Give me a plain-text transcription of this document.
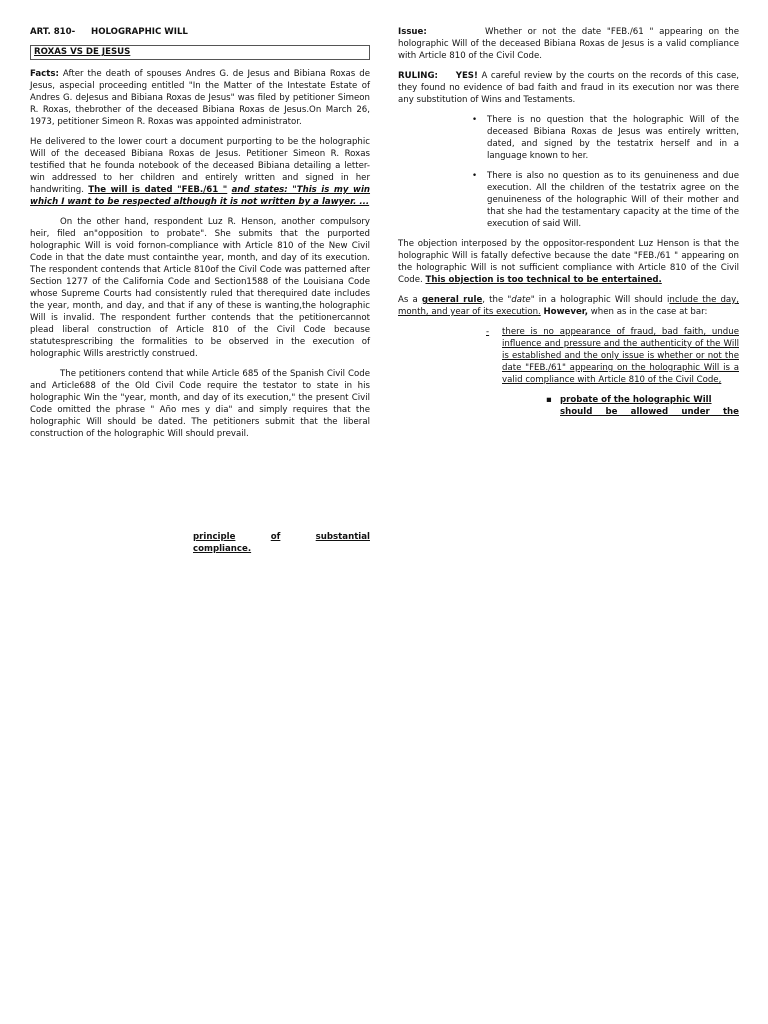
ART. 810- HOLOGRAPHIC WILL
ROXAS VS DE JESUS

Facts: After the death of spouses Andres G. de Jesus and Bibiana Roxas de Jesus, aspecial proceeding entitled "In the Matter of the Intestate Estate of Andres G. deJesus and Bibiana Roxas de Jesus" was filed by petitioner Simeon R. Roxas, thebrother of the deceased Bibiana Roxas de Jesus.On March 26, 1973, petitioner Simeon R. Roxas was appointed administrator.

He delivered to the lower court a document purporting to be the holographic Will of the deceased Bibiana Roxas de Jesus. Petitioner Simeon R. Roxas testified that he founda notebook of the deceased Bibiana detailing a letter-win addressed to her children and entirely written and signed in her handwriting. The will is dated "FEB./61 " and states: "This is my win which I want to be respected although it is not written by a lawyer. ...

On the other hand, respondent Luz R. Henson, another compulsory heir, filed an"opposition to probate". She submits that the purported holographic Will is void fornon-compliance with Article 810 of the New Civil Code in that the date must containthe year, month, and day of its execution. The respondent contends that Article 810of the Civil Code was patterned after Section 1277 of the California Code and Section1588 of the Louisiana Code whose Supreme Courts had consistently ruled that therequired date includes the year, month, and day, and that if any of these is wanting,the holographic Will is invalid. The respondent further contends that the petitionercannot plead liberal construction of Article 810 of the Civil Code because statutesprescribing the formalities to be observed in the execution of holographic Wills arestrictly construed.

The petitioners contend that while Article 685 of the Spanish Civil Code and Article688 of the Old Civil Code require the testator to state in his holographic Win the "year, month, and day of its execution," the present Civil Code omitted the phrase " Año mes y dia" and simply requires that the holographic Will should be dated. The petitioners submit that the liberal construction of the holographic Will should prevail.

principle	of	substantial
compliance.

Issue:	Whether or not the date "FEB./61 " appearing on the holographic Will of the deceased Bibiana Roxas de Jesus is a valid compliance with Article 810 of the Civil Code.

RULING: YES! A careful review by the courts on the records of this case, they found no evidence of bad faith and fraud in its execution nor was there any substitution of Wins and Testaments.

• There is no question that the holographic Will of the deceased Bibiana Roxas de Jesus was entirely written, dated, and signed by the testatrix herself and in a language known to her.
• There is also no question as to its genuineness and due execution. All the children of the testatrix agree on the genuineness of the holographic Will of their mother and that she had the testamentary capacity at the time of the execution of said Will.

The objection interposed by the oppositor-respondent Luz Henson is that the holographic Will is fatally defective because the date "FEB./61 " appearing on the holographic Will is not sufficient compliance with Article 810 of the Civil Code. This objection is too technical to be entertained.

As a general rule, the "date" in a holographic Will should include the day, month, and year of its execution. However, when as in the case at bar:

- there is no appearance of fraud, bad faith, undue influence and pressure and the authenticity of the Will is established and the only issue is whether or not the date "FEB./61" appearing on the holographic Will is a valid compliance with Article 810 of the Civil Code,
▪ probate of the holographic Will
should be allowed under the
